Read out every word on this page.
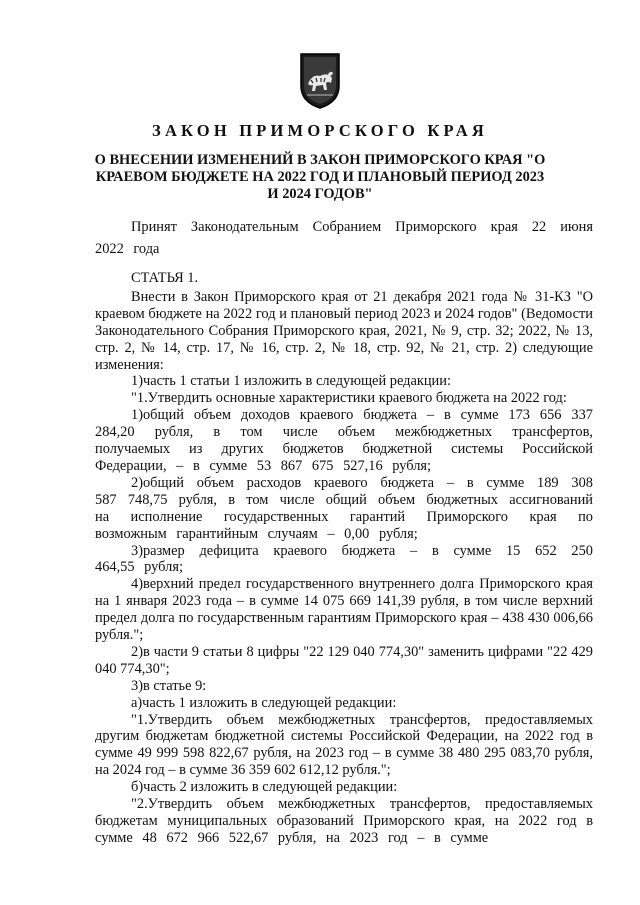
ЗАКОН ПРИМОРСКОГО КРАЯ
О ВНЕСЕНИИ ИЗМЕНЕНИЙ В ЗАКОН ПРИМОРСКОГО КРАЯ "О КРАЕВОМ БЮДЖЕТЕ НА 2022 ГОД И ПЛАНОВЫЙ ПЕРИОД 2023 И 2024 ГОДОВ"

Принят Законодательным Собранием Приморского края 22 июня 2022 года

СТАТЬЯ 1.

Внести в Закон Приморского края от 21 декабря 2021 года № 31-КЗ "О краевом бюджете на 2022 год и плановый период 2023 и 2024 годов" (Ведомости Законодательного Собрания Приморского края, 2021, № 9, стр. 32; 2022, № 13, стр. 2, № 14, стр. 17, № 16, стр. 2, № 18, стр. 92, № 21, стр. 2) следующие изменения:

1)часть 1 статьи 1 изложить в следующей редакции:

"1.Утвердить основные характеристики краевого бюджета на 2022 год:

1)общий объем доходов краевого бюджета – в сумме 173 656 337 284,20 рубля, в том числе объем межбюджетных трансфертов, получаемых из других бюджетов бюджетной системы Российской Федерации, – в сумме 53 867 675 527,16 рубля;

2)общий объем расходов краевого бюджета – в сумме 189 308 587 748,75 рубля, в том числе общий объем бюджетных ассигнований на исполнение государственных гарантий Приморского края по возможным гарантийным случаям – 0,00 рубля;

3)размер дефицита краевого бюджета – в сумме 15 652 250 464,55 рубля;

4)верхний предел государственного внутреннего долга Приморского края на 1 января 2023 года – в сумме 14 075 669 141,39 рубля, в том числе верхний предел долга по государственным гарантиям Приморского края – 438 430 006,66 рубля.";

2)в части 9 статьи 8 цифры "22 129 040 774,30" заменить цифрами "22 429 040 774,30";

3)в статье 9:

а)часть 1 изложить в следующей редакции:

"1.Утвердить объем межбюджетных трансфертов, предоставляемых другим бюджетам бюджетной системы Российской Федерации, на 2022 год в сумме 49 999 598 822,67 рубля, на 2023 год – в сумме 38 480 295 083,70 рубля, на 2024 год – в сумме 36 359 602 612,12 рубля.";

б)часть 2 изложить в следующей редакции:

"2.Утвердить объем межбюджетных трансфертов, предоставляемых бюджетам муниципальных образований Приморского края, на 2022 год в сумме 48 672 966 522,67 рубля, на 2023 год – в сумме
